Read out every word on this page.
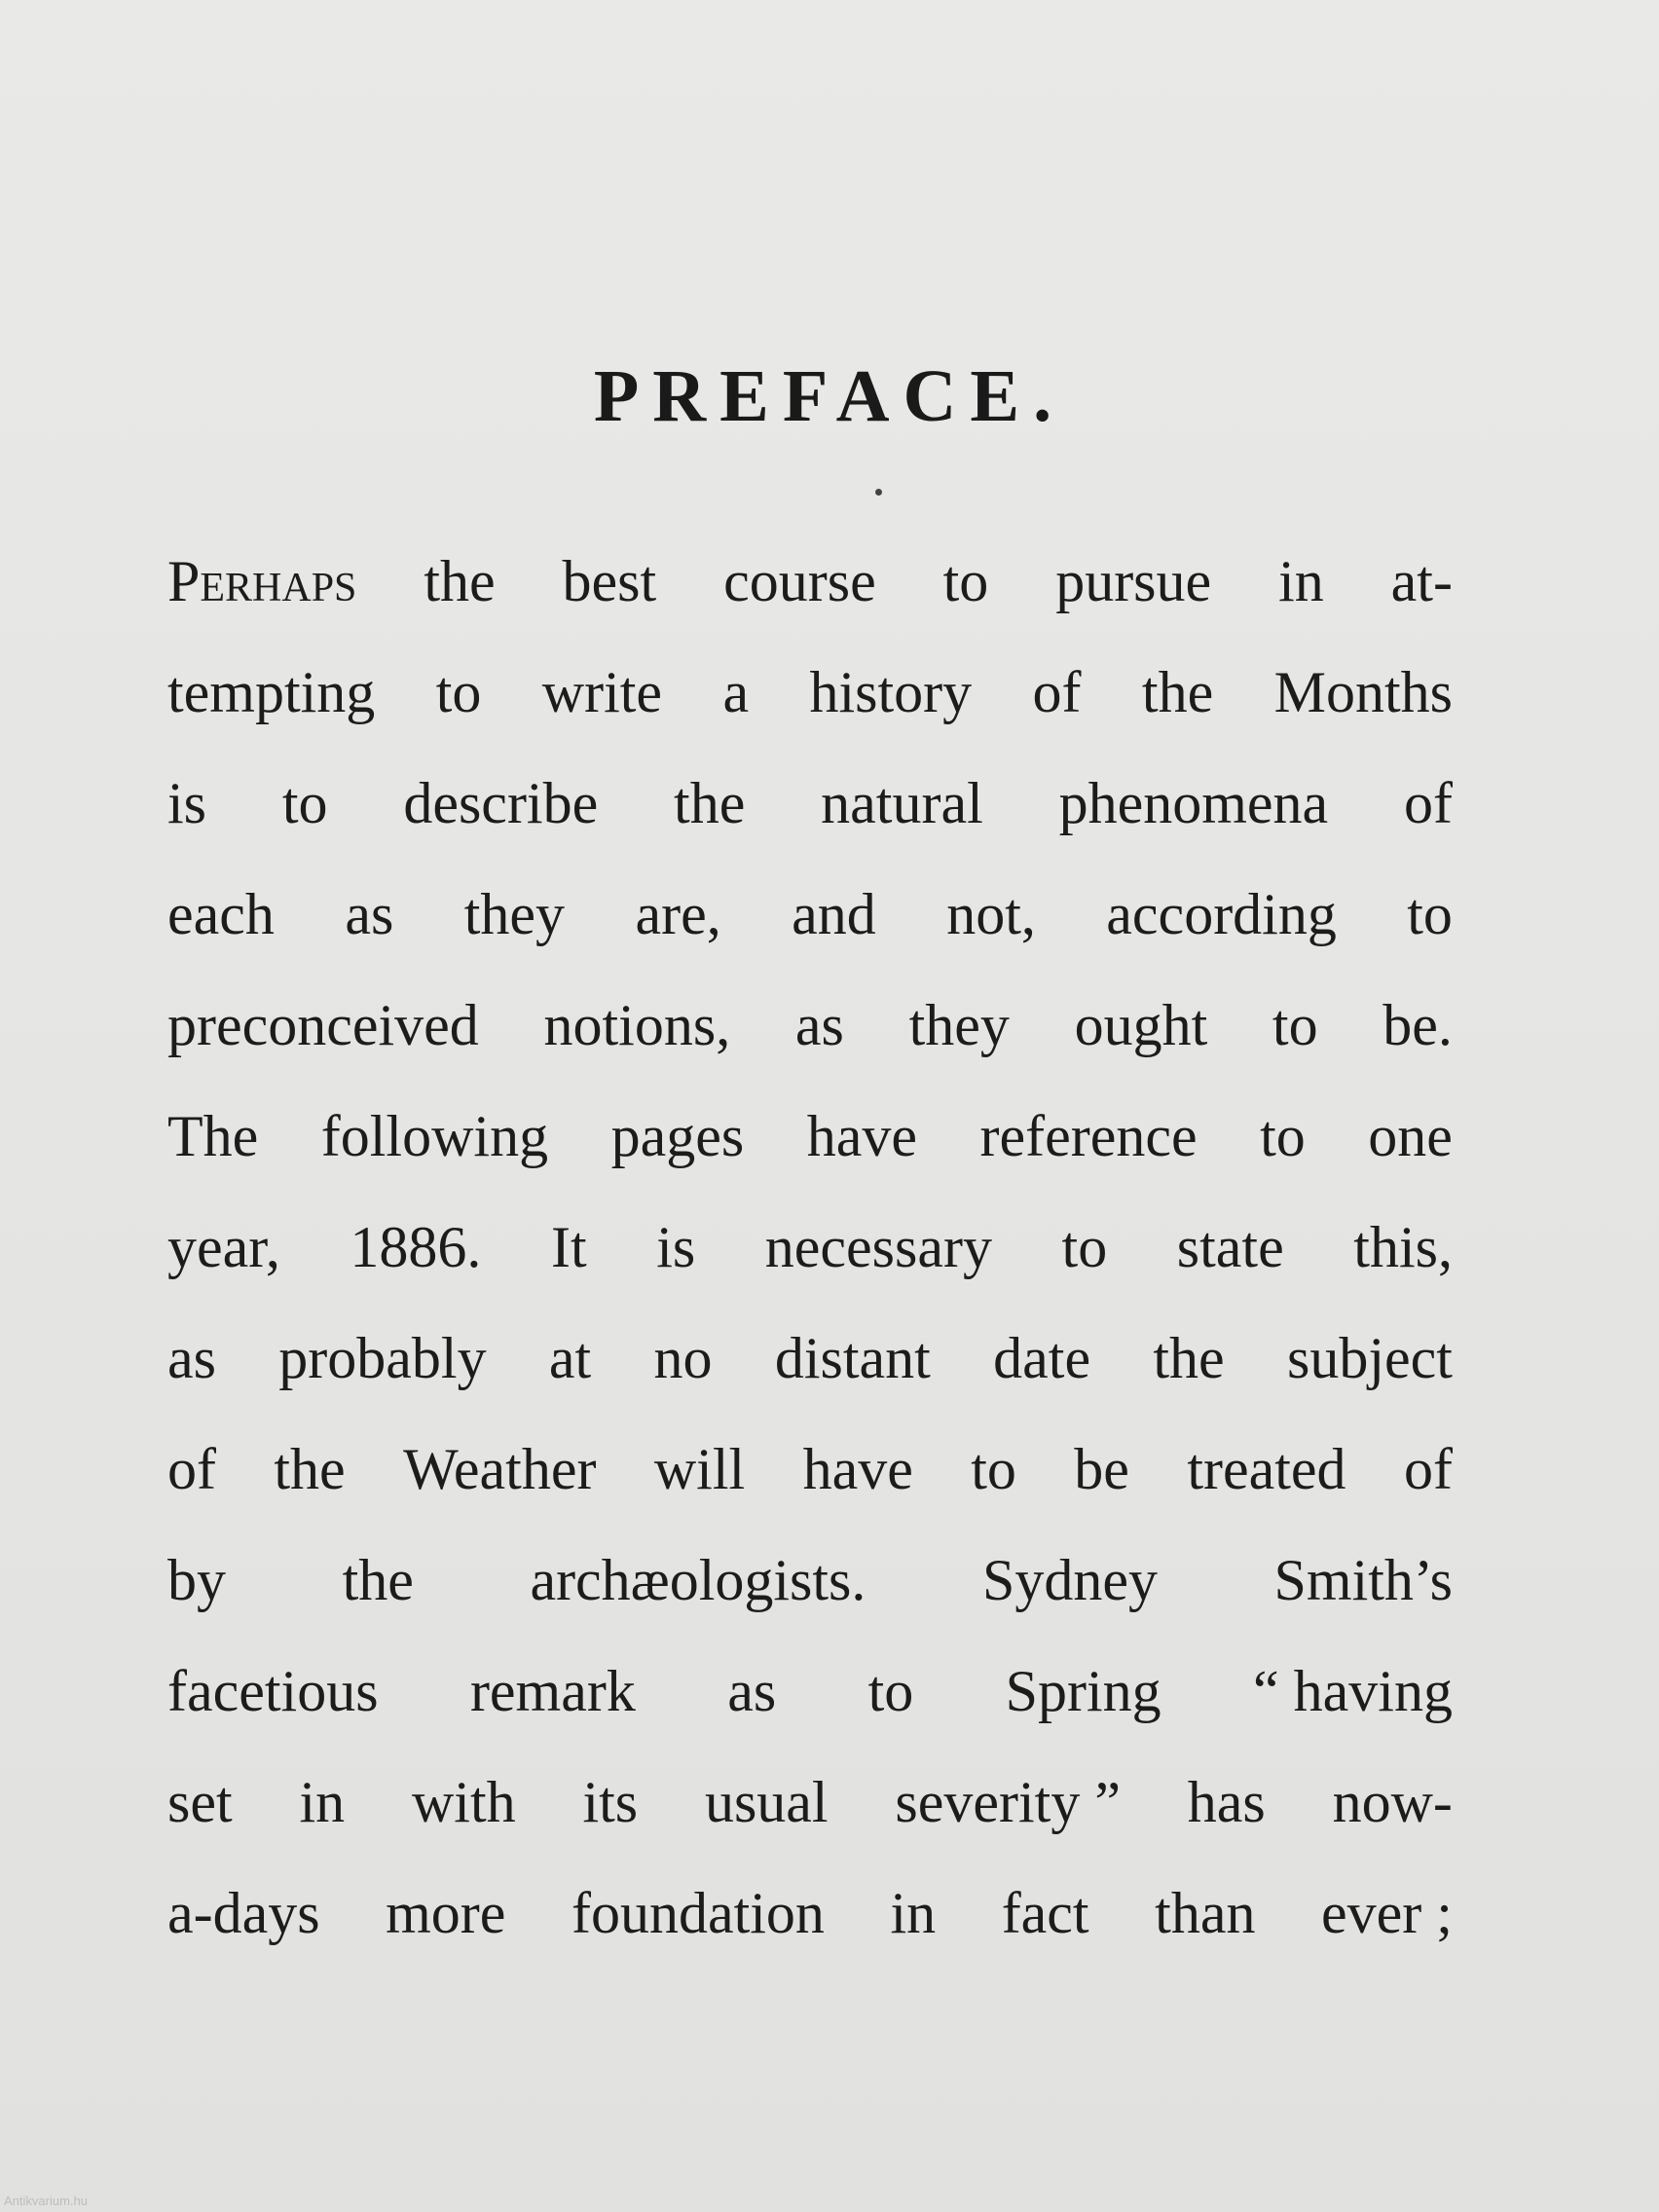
PREFACE.
Perhaps the best course to pursue in at-
tempting to write a history of the Months
is to describe the natural phenomena of
each as they are, and not, according to
preconceived notions, as they ought to be.
The following pages have reference to one
year, 1886. It is necessary to state this,
as probably at no distant date the subject
of the Weather will have to be treated of
by the archæologists. Sydney Smith’s
facetious remark as to Spring “ having
set in with its usual severity ” has now-
a-days more foundation in fact than ever ;
Antikvarium.hu
